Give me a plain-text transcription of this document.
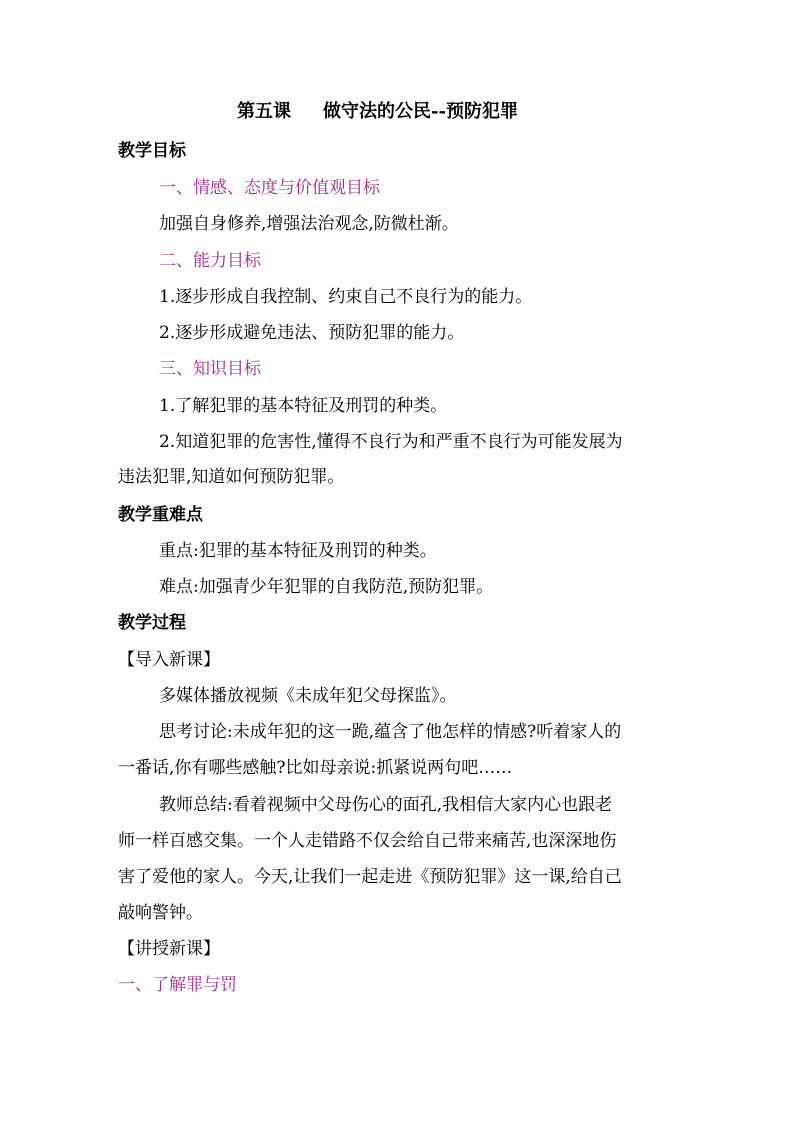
第五课 做守法的公民--预防犯罪
教学目标
一、情感、态度与价值观目标
加强自身修养,增强法治观念,防微杜渐。
二、能力目标
1.逐步形成自我控制、约束自己不良行为的能力。
2.逐步形成避免违法、预防犯罪的能力。
三、知识目标
1.了解犯罪的基本特征及刑罚的种类。
2.知道犯罪的危害性,懂得不良行为和严重不良行为可能发展为
违法犯罪,知道如何预防犯罪。
教学重难点
重点:犯罪的基本特征及刑罚的种类。
难点:加强青少年犯罪的自我防范,预防犯罪。
教学过程
【导入新课】
多媒体播放视频《未成年犯父母探监》。
思考讨论:未成年犯的这一跪,蕴含了他怎样的情感?听着家人的
一番话,你有哪些感触?比如母亲说:抓紧说两句吧……
教师总结:看着视频中父母伤心的面孔,我相信大家内心也跟老
师一样百感交集。一个人走错路不仅会给自己带来痛苦,也深深地伤
害了爱他的家人。今天,让我们一起走进《预防犯罪》这一课,给自己
敲响警钟。
【讲授新课】
一、了解罪与罚
